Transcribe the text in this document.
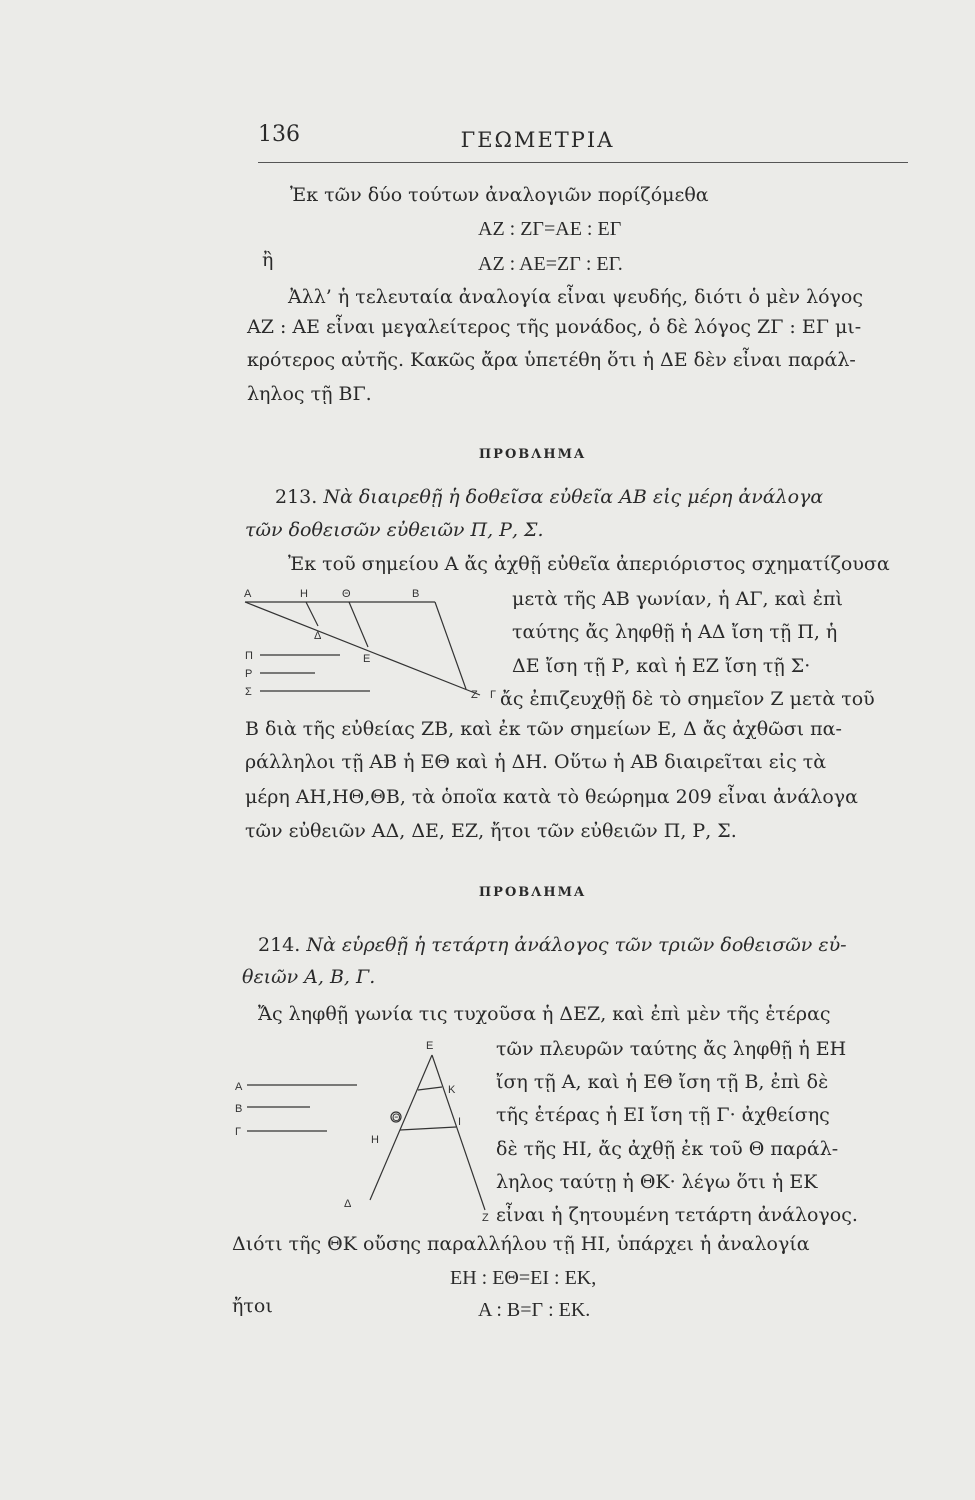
136	ΓΕΩΜΕΤΡΙΑ
Ἐκ τῶν δύο τούτων ἀναλογιῶν πορίζόμεθα
ΑΖ : ΖΓ=ΑΕ : ΕΓ
ἢ	ΑΖ : ΑΕ=ΖΓ : ΕΓ.
Ἀλλ’ ἡ τελευταία ἀναλογία εἶναι ψευδής, διότι ὁ μὲν λόγος
ΑΖ : ΑΕ εἶναι μεγαλείτερος τῆς μονάδος, ὁ δὲ λόγος ΖΓ : ΕΓ μι-
κρότερος αὐτῆς. Κακῶς ἄρα ὑπετέθη ὅτι ἡ ΔΕ δὲν εἶναι παράλ-
ληλος τῇ ΒΓ.
ΠΡΟΒΛΗΜΑ
213. Νὰ διαιρεθῇ ἡ δοθεῖσα εὐθεῖα ΑΒ εἰς μέρη ἀνάλογα
τῶν δοθεισῶν εὐθειῶν Π, Ρ, Σ.
Ἐκ τοῦ σημείου Α ἄς ἀχθῇ εὐθεῖα ἀπεριόριστος σχηματίζουσα
μετὰ τῆς ΑΒ γωνίαν, ἡ ΑΓ, καὶ ἐπὶ
ταύτης ἄς ληφθῇ ἡ ΑΔ ἴση τῇ Π, ἡ
ΔΕ ἴση τῇ Ρ, καὶ ἡ ΕΖ ἴση τῇ Σ·
ἄς ἐπιζευχθῇ δὲ τὸ σημεῖον Ζ μετὰ τοῦ
Β διὰ τῆς εὐθείας ΖΒ, καὶ ἐκ τῶν σημείων Ε, Δ ἄς ἀχθῶσι πα-
ράλληλοι τῇ ΑΒ ἡ ΕΘ καὶ ἡ ΔΗ. Οὕτω ἡ ΑΒ διαιρεῖται εἰς τὰ
μέρη ΑΗ,ΗΘ,ΘΒ, τὰ ὁποῖα κατὰ τὸ θεώρημα 209 εἶναι ἀνάλογα
τῶν εὐθειῶν ΑΔ, ΔΕ, ΕΖ, ἤτοι τῶν εὐθειῶν Π, Ρ, Σ.
Α	Η	Θ	Β
Δ
Ε
Ζ Γ
Π
Ρ
Σ
ΠΡΟΒΛΗΜΑ
214. Νὰ εὑρεθῇ ἡ τετάρτη ἀνάλογος τῶν τριῶν δοθεισῶν εὐ-
θειῶν Α, Β, Γ.
Ἄς ληφθῇ γωνία τις τυχοῦσα ἡ ΔΕΖ, καὶ ἐπὶ μὲν τῆς ἑτέρας
τῶν πλευρῶν ταύτης ἄς ληφθῇ ἡ ΕΗ
ἴση τῇ Α, καὶ ἡ ΕΘ ἴση τῇ Β, ἐπὶ δὲ
τῆς ἑτέρας ἡ ΕΙ ἴση τῇ Γ· ἀχθείσης
δὲ τῆς ΗΙ, ἄς ἀχθῇ ἐκ τοῦ Θ παράλ-
ληλος ταύτῃ ἡ ΘΚ· λέγω ὅτι ἡ ΕΚ
εἶναι ἡ ζητουμένη τετάρτη ἀνάλογος.
Διότι τῆς ΘΚ οὔσης παραλλήλου τῇ ΗΙ, ὑπάρχει ἡ ἀναλογία
ΕΗ : ΕΘ=ΕΙ : ΕΚ,
ἤτοι	Α : Β=Γ : ΕΚ.
Ε
Κ
Θ	Ι
Η
Δ
Ζ
Α
Β
Γ
